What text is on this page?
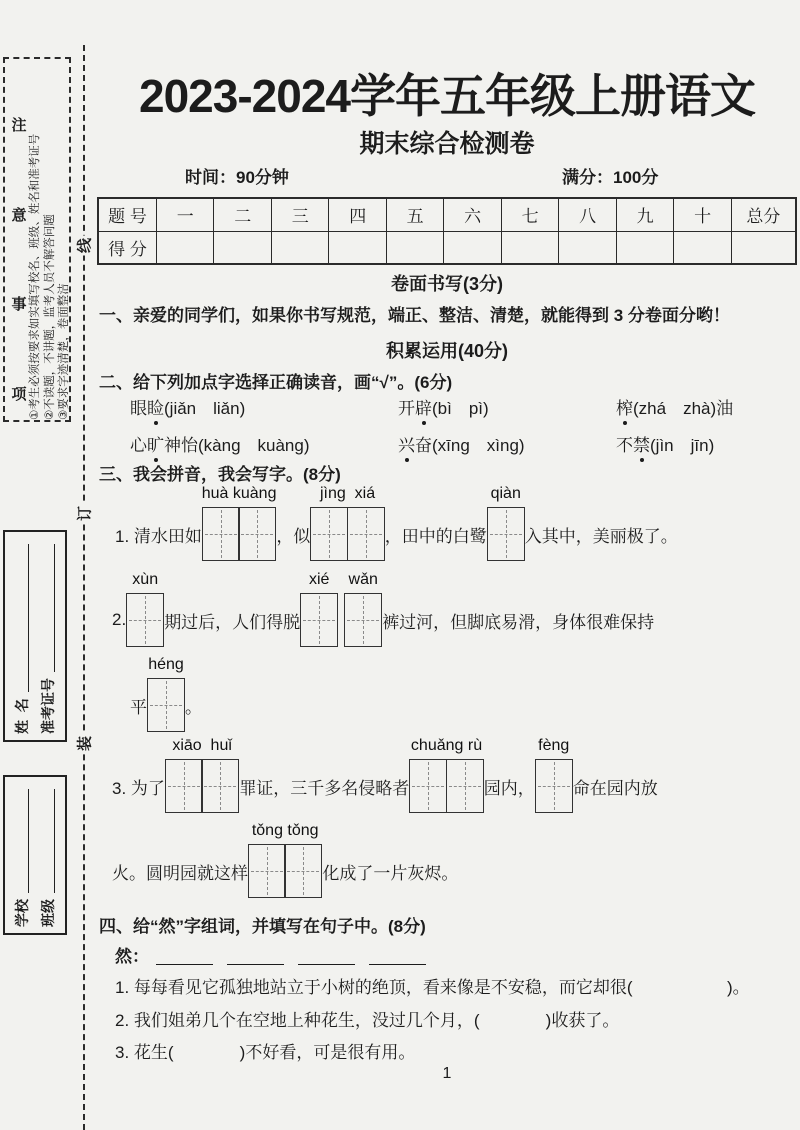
线
订
装
注
意
事
项 ①考生必须按要求如实填写校名、班级、姓名和准考证号 ②不读题，不讲题，监考人员不解答问题 ③要求字迹清楚，卷面整洁
姓  名 准考证号
学校 班级
2023-2024学年五年级上册语文
期末综合检测卷
时间：90分钟	满分：100分
题 号	一	二	三	四	五	六	七	八	九	十	总分
得 分											
卷面书写(3分)
一、亲爱的同学们，如果你书写规范，端正、整洁、清楚，就能得到 3 分卷面分哟！
积累运用(40分)
二、给下列加点字选择正确读音，画“√”。(6分)
眼睑(jiǎn　liǎn)	开辟(bì　pì)	榨(zhá　zhà)油
心旷神怡(kàng　kuàng)	兴奋(xīng　xìng)	不禁(jìn　jīn)
三、我会拼音，我会写字。(8分)
1. 清水田如
huà kuàng
，似
jìng  xiá
，田中的白鹭
qiàn
入其中，美丽极了。
2.
xùn
期过后，人们得脱
xié wǎn
裤过河，但脚底易滑，身体很难保持
平
héng
。
3. 为了
xiāo  huǐ
罪证，三千多名侵略者
chuǎng rù
园内，
fèng
命在园内放
火。圆明园就这样
tǒng tǒng
化成了一片灰烬。
四、给“然”字组词，并填写在句子中。(8分)
然：
1. 每每看见它孤独地站立于小树的绝顶，看来像是不安稳，而它却很(                    )。
2. 我们姐弟几个在空地上种花生，没过几个月，(              )收获了。
3. 花生(              )不好看，可是很有用。
1
